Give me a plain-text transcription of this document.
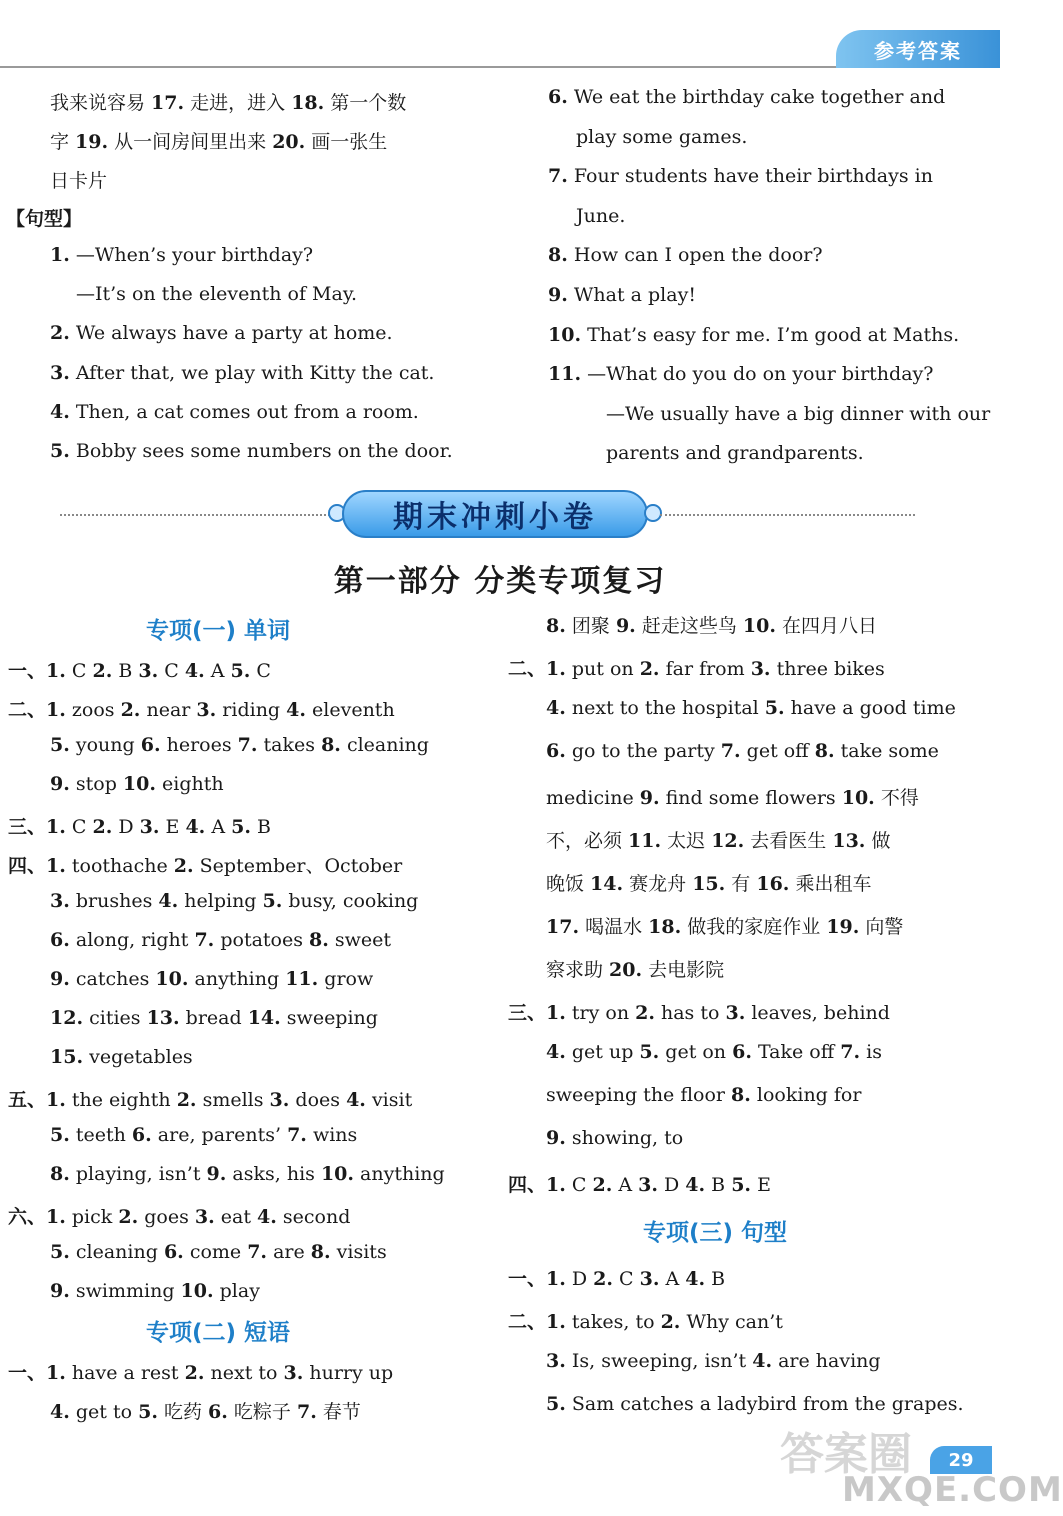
参考答案
我来说容易 17. 走进，进入 18. 第一个数
字 19. 从一间房间里出来 20. 画一张生
日卡片
【句型】
1. —When’s your birthday?
—It’s on the eleventh of May.
2. We always have a party at home.
3. After that, we play with Kitty the cat.
4. Then, a cat comes out from a room.
5. Bobby sees some numbers on the door.
6. We eat the birthday cake together and
play some games.
7. Four students have their birthdays in
June.
8. How can I open the door?
9. What a play!
10. That’s easy for me. I’m good at Maths.
11. —What do you do on your birthday?
—We usually have a big dinner with our
parents and grandparents.
期末冲刺小卷
第一部分 分类专项复习
专项(一) 单词
一、1. C 2. B 3. C 4. A 5. C
二、1. zoos 2. near 3. riding 4. eleventh
5. young 6. heroes 7. takes 8. cleaning
9. stop 10. eighth
三、1. C 2. D 3. E 4. A 5. B
四、1. toothache 2. September、October
3. brushes 4. helping 5. busy, cooking
6. along, right 7. potatoes 8. sweet
9. catches 10. anything 11. grow
12. cities 13. bread 14. sweeping
15. vegetables
五、1. the eighth 2. smells 3. does 4. visit
5. teeth 6. are, parents’ 7. wins
8. playing, isn’t 9. asks, his 10. anything
六、1. pick 2. goes 3. eat 4. second
5. cleaning 6. come 7. are 8. visits
9. swimming 10. play
专项(二) 短语
一、1. have a rest 2. next to 3. hurry up
4. get to 5. 吃药 6. 吃粽子 7. 春节
8. 团聚 9. 赶走这些鸟 10. 在四月八日
二、1. put on 2. far from 3. three bikes
4. next to the hospital 5. have a good time
6. go to the party 7. get off 8. take some
medicine 9. find some flowers 10. 不得
不，必须 11. 太迟 12. 去看医生 13. 做
晚饭 14. 赛龙舟 15. 有 16. 乘出租车
17. 喝温水 18. 做我的家庭作业 19. 向警
察求助 20. 去电影院
三、1. try on 2. has to 3. leaves, behind
4. get up 5. get on 6. Take off 7. is
sweeping the floor 8. looking for
9. showing, to
四、1. C 2. A 3. D 4. B 5. E
专项(三) 句型
一、1. D 2. C 3. A 4. B
二、1. takes, to 2. Why can’t
3. Is, sweeping, isn’t 4. are having
5. Sam catches a ladybird from the grapes.
答案圈	29
MXQE.COM
